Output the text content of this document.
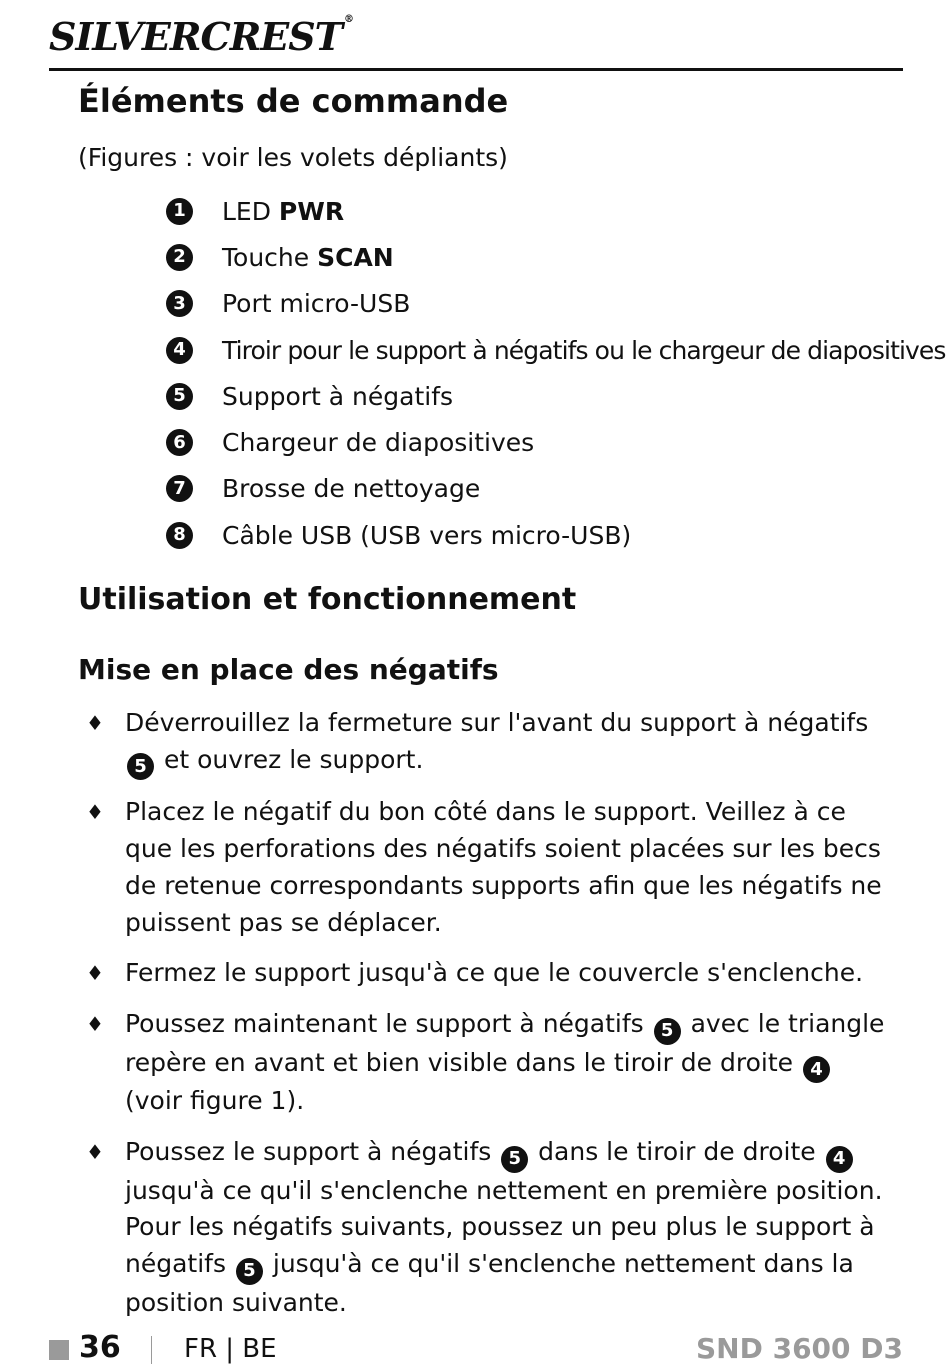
SILVERCREST ®
Éléments de commande
(Figures : voir les volets dépliants)
1 LED PWR
2 Touche SCAN
3 Port micro-USB
4 Tiroir pour le support à négatifs ou le chargeur de diapositives
5 Support à négatifs
6 Chargeur de diapositives
7 Brosse de nettoyage
8 Câble USB (USB vers micro-USB)
Utilisation et fonctionnement
Mise en place des négatifs
♦ Déverrouillez la fermeture sur l'avant du support à négatifs 5 et ouvrez le support.
♦ Placez le négatif du bon côté dans le support. Veillez à ce que les perforations des négatifs soient placées sur les becs de retenue correspondants supports afin que les négatifs ne puissent pas se déplacer.
♦ Fermez le support jusqu'à ce que le couvercle s'enclenche.
♦ Poussez maintenant le support à négatifs 5 avec le triangle repère en avant et bien visible dans le tiroir de droite 4 (voir figure 1).
♦ Poussez le support à négatifs 5 dans le tiroir de droite 4 jusqu'à ce qu'il s'enclenche nettement en première position. Pour les négatifs suivants, poussez un peu plus le support à négatifs 5 jusqu'à ce qu'il s'enclenche nettement dans la position suivante.
36 FR | BE	SND 3600 D3
